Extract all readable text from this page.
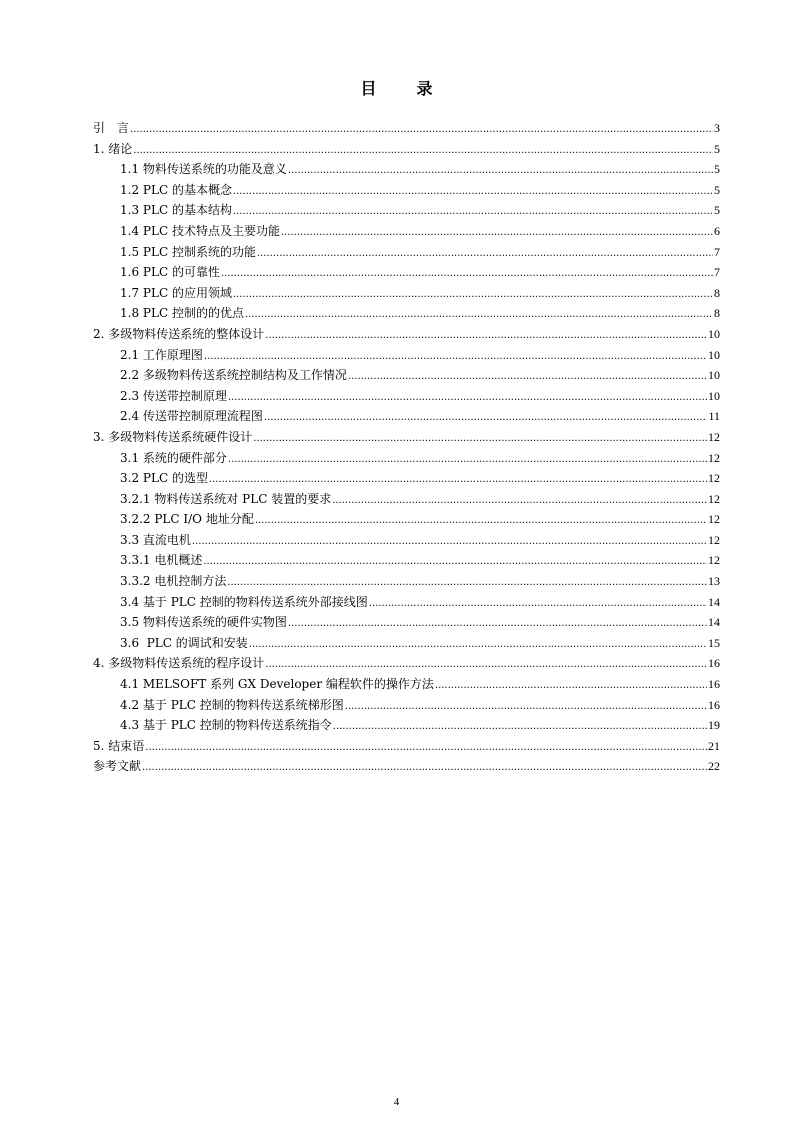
目　录
引　言 .....	3
1. 绪论 .....	5
1.1 物料传送系统的功能及意义 .....	5
1.2 PLC 的基本概念 .....	5
1.3 PLC 的基本结构 .....	5
1.4 PLC 技术特点及主要功能 .....	6
1.5 PLC 控制系统的功能 .....	7
1.6 PLC 的可靠性 .....	7
1.7 PLC 的应用领域 .....	8
1.8 PLC 控制的的优点 .....	8
2. 多级物料传送系统的整体设计 .....	10
2.1 工作原理图 .....	10
2.2 多级物料传送系统控制结构及工作情况 .....	10
2.3 传送带控制原理 .....	10
2.4 传送带控制原理流程图 .....	11
3. 多级物料传送系统硬件设计 .....	12
3.1 系统的硬件部分 .....	12
3.2 PLC 的选型 .....	12
3.2.1 物料传送系统对 PLC 装置的要求 .....	12
3.2.2 PLC I/O 地址分配 .....	12
3.3 直流电机 .....	12
3.3.1 电机概述 .....	12
3.3.2 电机控制方法 .....	13
3.4 基于 PLC 控制的物料传送系统外部接线图 .....	14
3.5 物料传送系统的硬件实物图 .....	14
3.6  PLC 的调试和安装 .....	15
4. 多级物料传送系统的程序设计 .....	16
4.1 MELSOFT 系列 GX Developer 编程软件的操作方法 .....	16
4.2 基于 PLC 控制的物料传送系统梯形图 .....	16
4.3 基于 PLC 控制的物料传送系统指令 .....	19
5. 结束语 .....	21
参考文献 .....	22
4
